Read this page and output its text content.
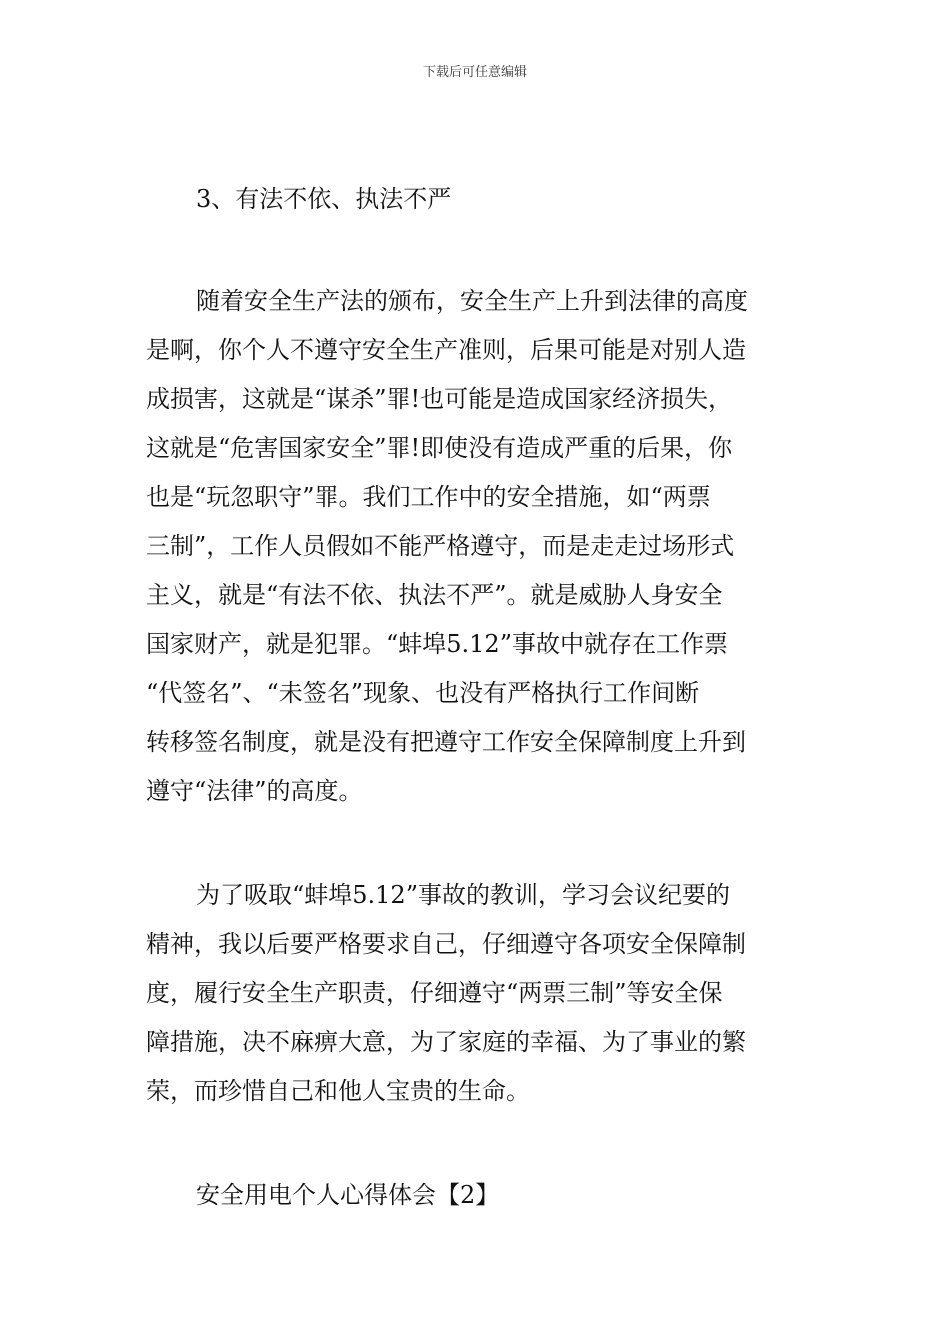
下载后可任意编辑
3、有法不依、执法不严
随着安全生产法的颁布，安全生产上升到法律的高度
是啊，你个人不遵守安全生产准则，后果可能是对别人造
成损害，这就是“谋杀”罪!也可能是造成国家经济损失，
这就是“危害国家安全”罪!即使没有造成严重的后果，你
也是“玩忽职守”罪。我们工作中的安全措施，如“两票
三制”，工作人员假如不能严格遵守，而是走走过场形式
主义，就是“有法不依、执法不严”。就是威胁人身安全
国家财产，就是犯罪。“蚌埠5.12”事故中就存在工作票
“代签名”、“未签名”现象、也没有严格执行工作间断
转移签名制度，就是没有把遵守工作安全保障制度上升到
遵守“法律”的高度。
为了吸取“蚌埠5.12”事故的教训，学习会议纪要的
精神，我以后要严格要求自己，仔细遵守各项安全保障制
度，履行安全生产职责，仔细遵守“两票三制”等安全保
障措施，决不麻痹大意，为了家庭的幸福、为了事业的繁
荣，而珍惜自己和他人宝贵的生命。
安全用电个人心得体会【2】
